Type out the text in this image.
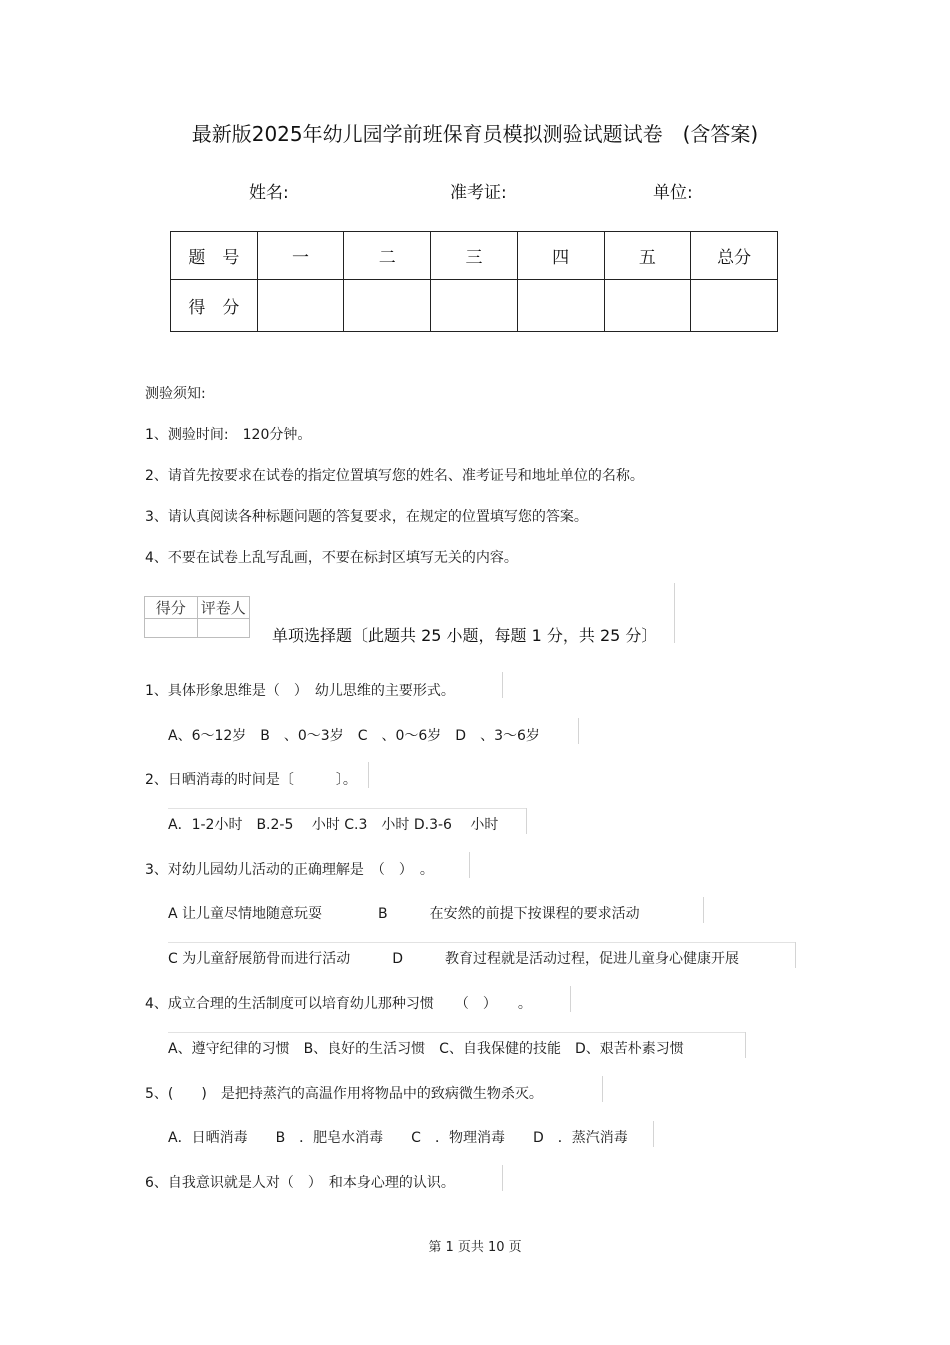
最新版2025年幼儿园学前班保育员模拟测验试题试卷　(含答案)
姓名:	准考证:	单位:
题　号	一	二	三	四	五	总分
得　分						
测验须知:
1、测验时间:　120分钟。
2、请首先按要求在试卷的指定位置填写您的姓名、准考证号和地址单位的名称。
3、请认真阅读各种标题问题的答复要求，在规定的位置填写您的答案。
4、不要在试卷上乱写乱画，不要在标封区填写无关的内容。
得分	评卷人

单项选择题〔此题共 25 小题，每题 1 分，共 25 分〕
1、具体形象思维是（　）　幼儿思维的主要形式。
A、6～12岁　B　、0～3岁　C　、0～6岁　D　、3～6岁
2、日晒消毒的时间是〔　　　〕。
A．1-2小时　B.2-5　 小时 C.3　小时 D.3-6　 小时
3、对幼儿园幼儿活动的正确理解是　（　）　。
A 让儿童尽情地随意玩耍　　　　B　　　在安然的前提下按课程的要求活动
C 为儿童舒展筋骨而进行活动　　　D　　　教育过程就是活动过程，促进儿童身心健康开展
4、成立合理的生活制度可以培育幼儿那种习惯　　（　）　　。
A、遵守纪律的习惯　B、良好的生活习惯　C、自我保健的技能　D、艰苦朴素习惯
5、(　　)　是把持蒸汽的高温作用将物品中的致病微生物杀灭。
A．日晒消毒　　B　．肥皂水消毒　　C　．物理消毒　　D　．蒸汽消毒
6、自我意识就是人对（　）　和本身心理的认识。
第 1 页共 10 页
